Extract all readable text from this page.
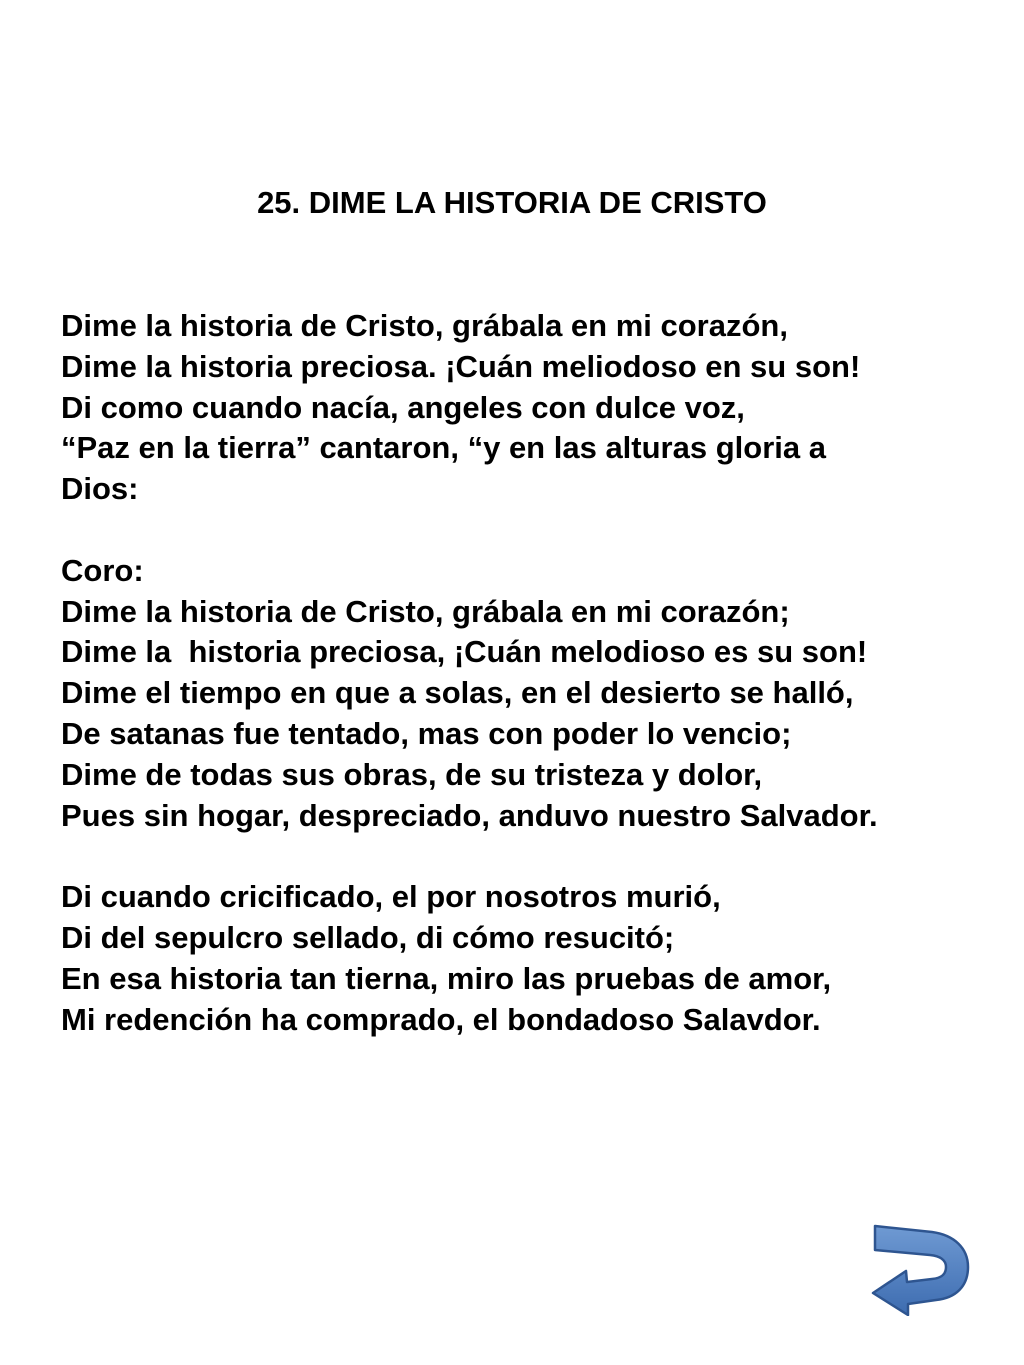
25. DIME LA HISTORIA DE CRISTO
Dime la historia de Cristo, grábala en mi corazón,
Dime la historia preciosa. ¡Cuán meliodoso en su son!
Di como cuando nacía, angeles con dulce voz,
“Paz en la tierra” cantaron, “y en las alturas gloria a
Dios:
Coro:
Dime la historia de Cristo, grábala en mi corazón;
Dime la  historia preciosa, ¡Cuán melodioso es su son!
Dime el tiempo en que a solas, en el desierto se halló,
De satanas fue tentado, mas con poder lo vencio;
Dime de todas sus obras, de su tristeza y dolor,
Pues sin hogar, despreciado, anduvo nuestro Salvador.
Di cuando cricificado, el por nosotros murió,
Di del sepulcro sellado, di cómo resucitó;
En esa historia tan tierna, miro las pruebas de amor,
Mi redención ha comprado, el bondadoso Salavdor.
